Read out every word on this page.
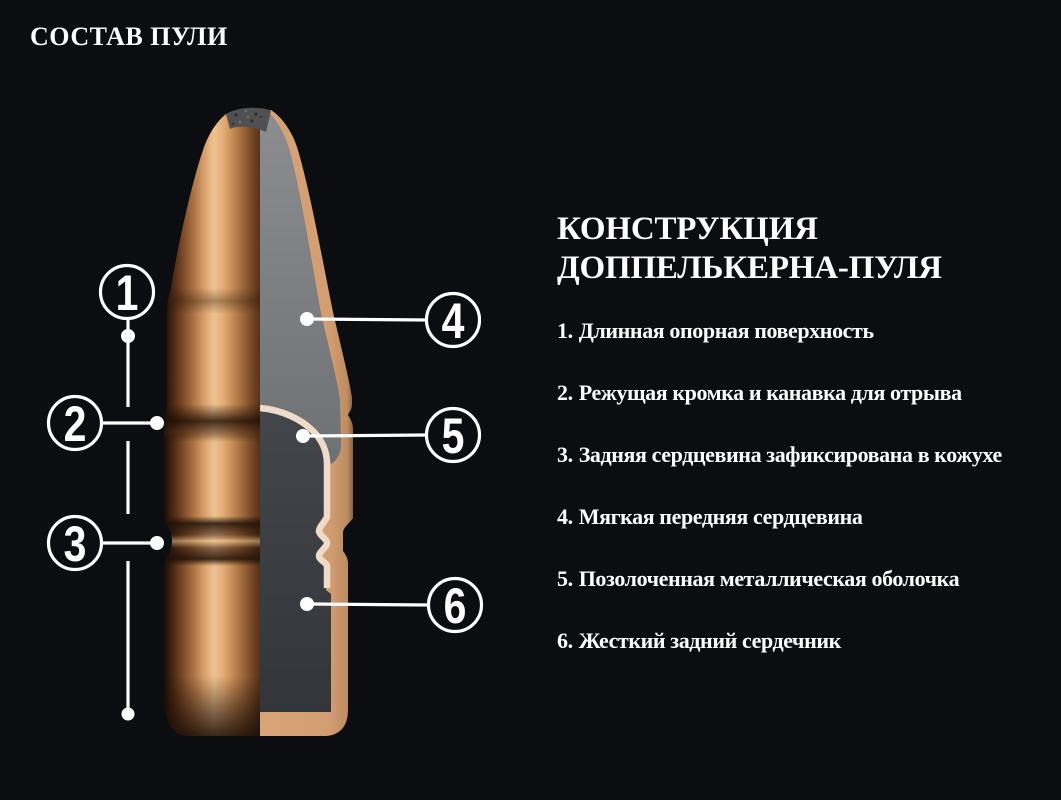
СОСТАВ ПУЛИ
1
2
3
4
5
6
КОНСТРУКЦИЯ
ДОППЕЛЬКЕРНА-ПУЛЯ
1. Длинная опорная поверхность
2. Режущая кромка и канавка для отрыва
3. Задняя сердцевина зафиксирована в кожухе
4. Мягкая передняя сердцевина
5. Позолоченная металлическая оболочка
6. Жесткий задний сердечник
